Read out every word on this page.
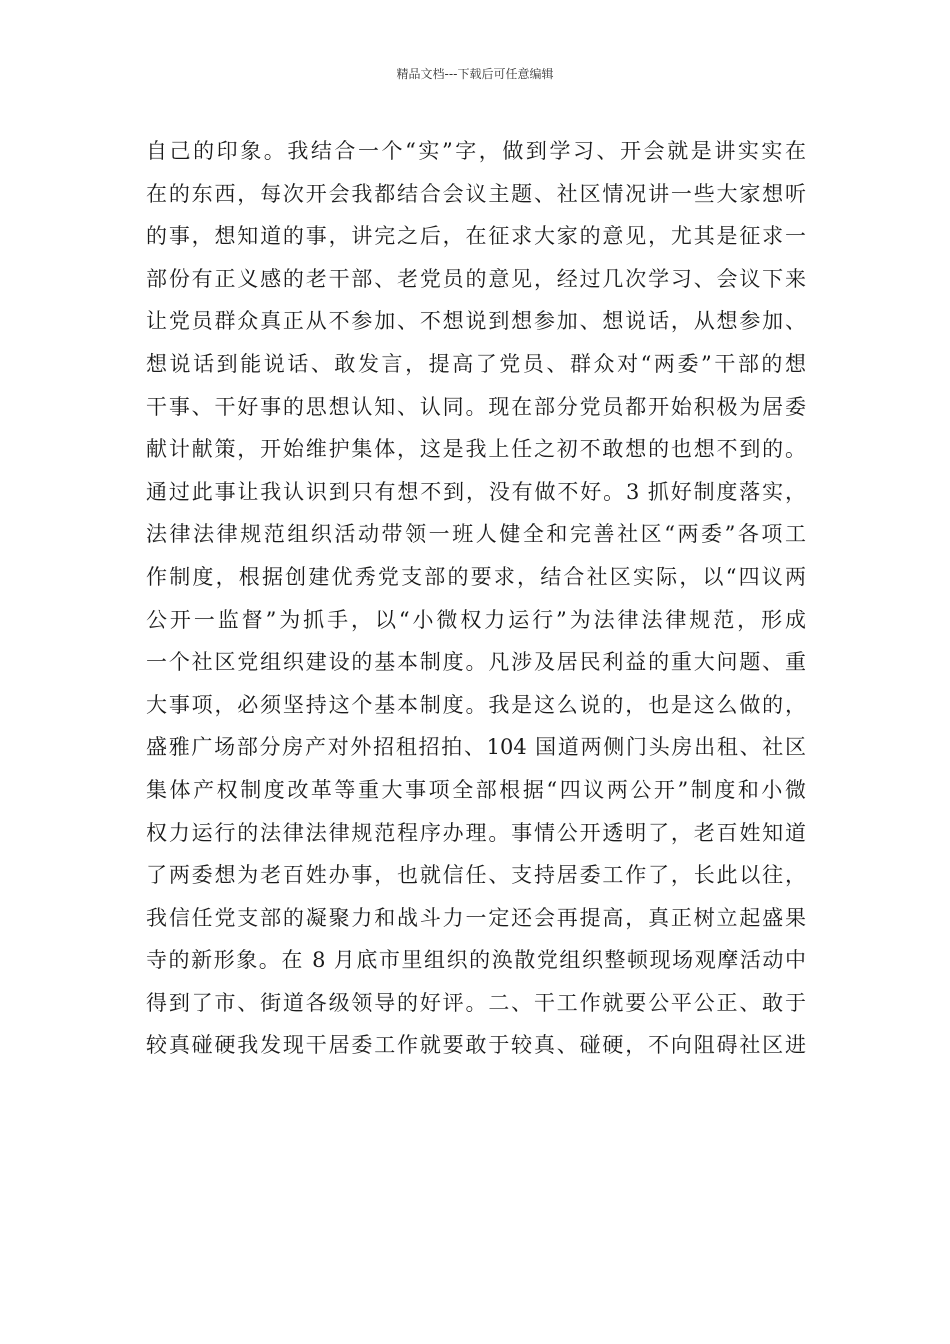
精品文档---下载后可任意编辑
自己的印象。我结合一个“实”字，做到学习、开会就是讲实实在
在的东西，每次开会我都结合会议主题、社区情况讲一些大家想听
的事，想知道的事，讲完之后，在征求大家的意见，尤其是征求一
部份有正义感的老干部、老党员的意见，经过几次学习、会议下来
让党员群众真正从不参加、不想说到想参加、想说话，从想参加、
想说话到能说话、敢发言，提高了党员、群众对“两委”干部的想
干事、干好事的思想认知、认同。现在部分党员都开始积极为居委
献计献策，开始维护集体，这是我上任之初不敢想的也想不到的。
通过此事让我认识到只有想不到，没有做不好。3 抓好制度落实，
法律法律规范组织活动带领一班人健全和完善社区“两委”各项工
作制度，根据创建优秀党支部的要求，结合社区实际，以“四议两
公开一监督”为抓手，以“小微权力运行”为法律法律规范，形成
一个社区党组织建设的基本制度。凡涉及居民利益的重大问题、重
大事项，必须坚持这个基本制度。我是这么说的，也是这么做的，
盛雅广场部分房产对外招租招拍、104 国道两侧门头房出租、社区
集体产权制度改革等重大事项全部根据“四议两公开”制度和小微
权力运行的法律法律规范程序办理。事情公开透明了，老百姓知道
了两委想为老百姓办事，也就信任、支持居委工作了，长此以往，
我信任党支部的凝聚力和战斗力一定还会再提高，真正树立起盛果
寺的新形象。在 8 月底市里组织的涣散党组织整顿现场观摩活动中
得到了市、街道各级领导的好评。二、干工作就要公平公正、敢于
较真碰硬我发现干居委工作就要敢于较真、碰硬，不向阻碍社区进
